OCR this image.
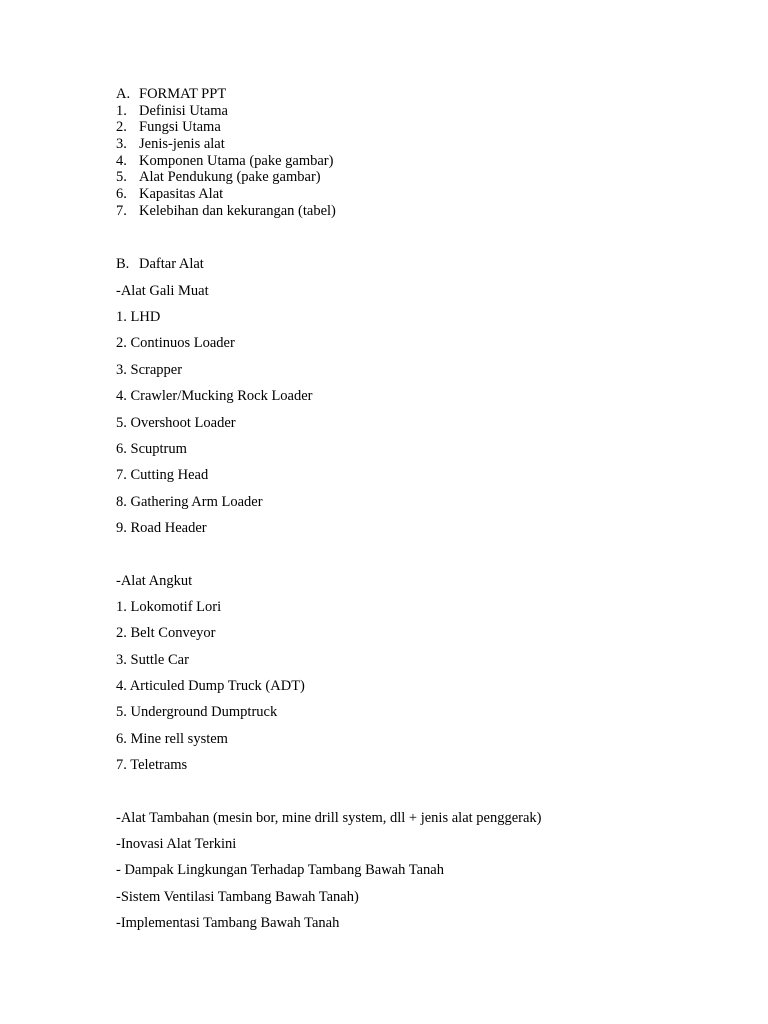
A. FORMAT PPT
1. Definisi Utama
2. Fungsi Utama
3. Jenis-jenis alat
4. Komponen Utama (pake gambar)
5. Alat Pendukung (pake gambar)
6. Kapasitas Alat
7. Kelebihan dan kekurangan (tabel)
B. Daftar Alat
-Alat Gali Muat
1. LHD
2. Continuos Loader
3. Scrapper
4. Crawler/Mucking Rock Loader
5. Overshoot Loader
6. Scuptrum
7. Cutting Head
8. Gathering Arm Loader
9. Road Header
-Alat Angkut
1. Lokomotif Lori
2. Belt Conveyor
3. Suttle Car
4. Articuled Dump Truck (ADT)
5. Underground Dumptruck
6. Mine rell system
7. Teletrams
-Alat Tambahan (mesin bor, mine drill system, dll + jenis alat penggerak)
-Inovasi Alat Terkini
- Dampak Lingkungan Terhadap Tambang Bawah Tanah
-Sistem Ventilasi Tambang Bawah Tanah)
-Implementasi Tambang Bawah Tanah
